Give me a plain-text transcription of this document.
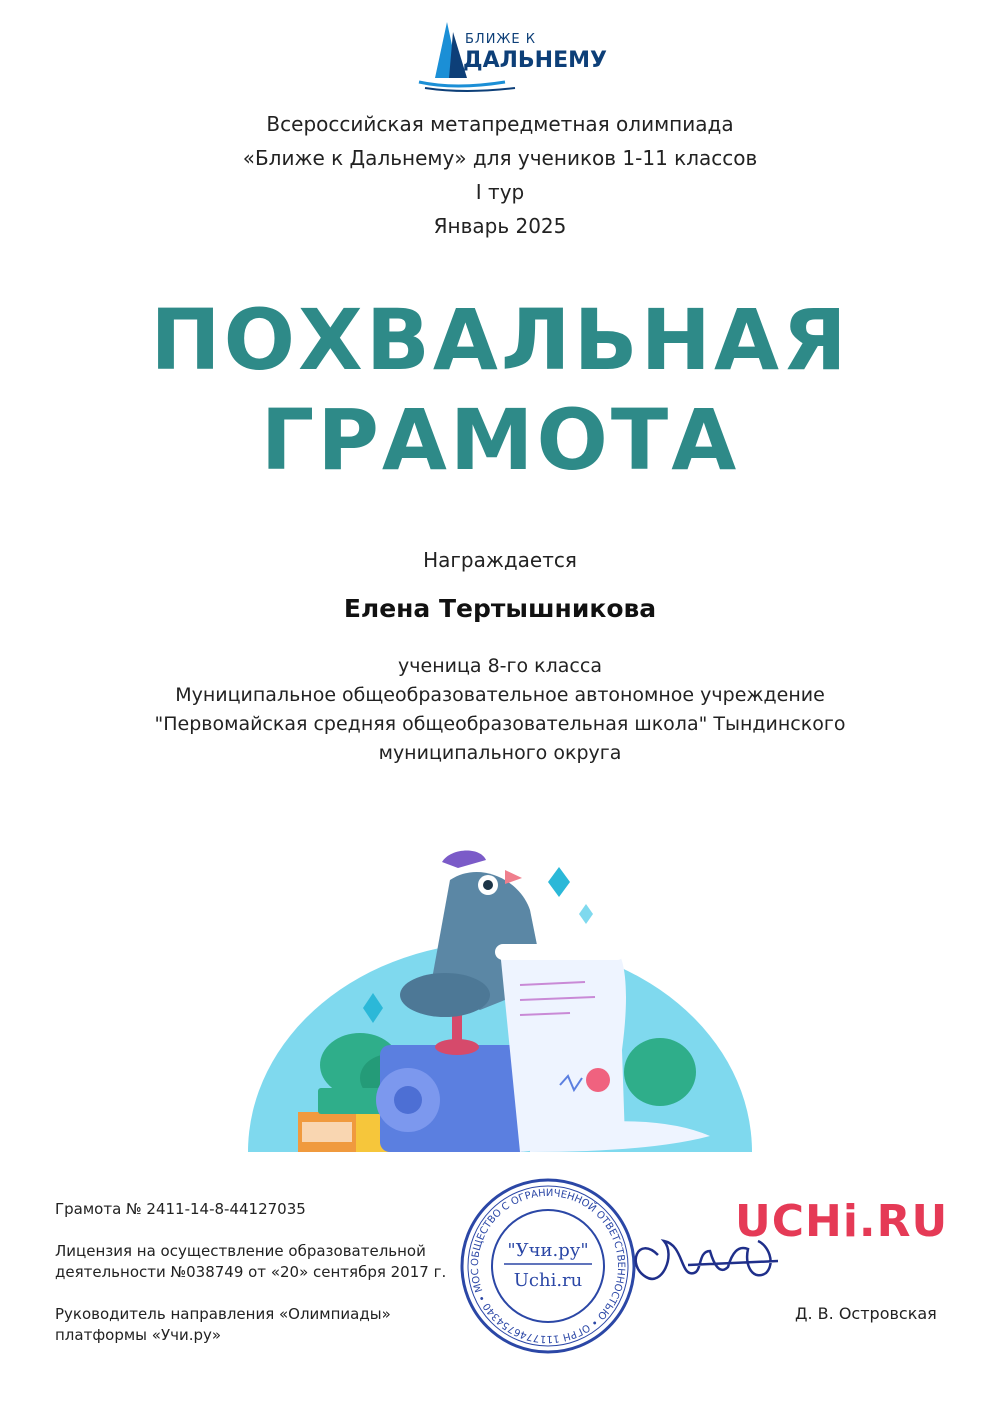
БЛИЖЕ К
ДАЛЬНЕМУ
Всероссийская метапредметная олимпиада
«Ближе к Дальнему» для учеников 1-11 классов
I тур
Январь 2025
ПОХВАЛЬНАЯ
ГРАМОТА
Награждается
Елена Тертышникова
ученица 8-го класса
Муниципальное общеобразовательное автономное учреждение
"Первомайская средняя общеобразовательная школа" Тындинского
муниципального округа
Грамота № 2411-14-8-44127035
Лицензия на осуществление образовательной
деятельности №038749 от «20» сентября 2017 г.
Руководитель направления «Олимпиады»
платформы «Учи.ру»
ОБЩЕСТВО С ОГРАНИЧЕННОЙ ОТВЕТСТВЕННОСТЬЮ • ОГРН 1117746754340 • МОС
"Учи.ру"
Uchi.ru
UCHi.RU
Д. В. Островская
